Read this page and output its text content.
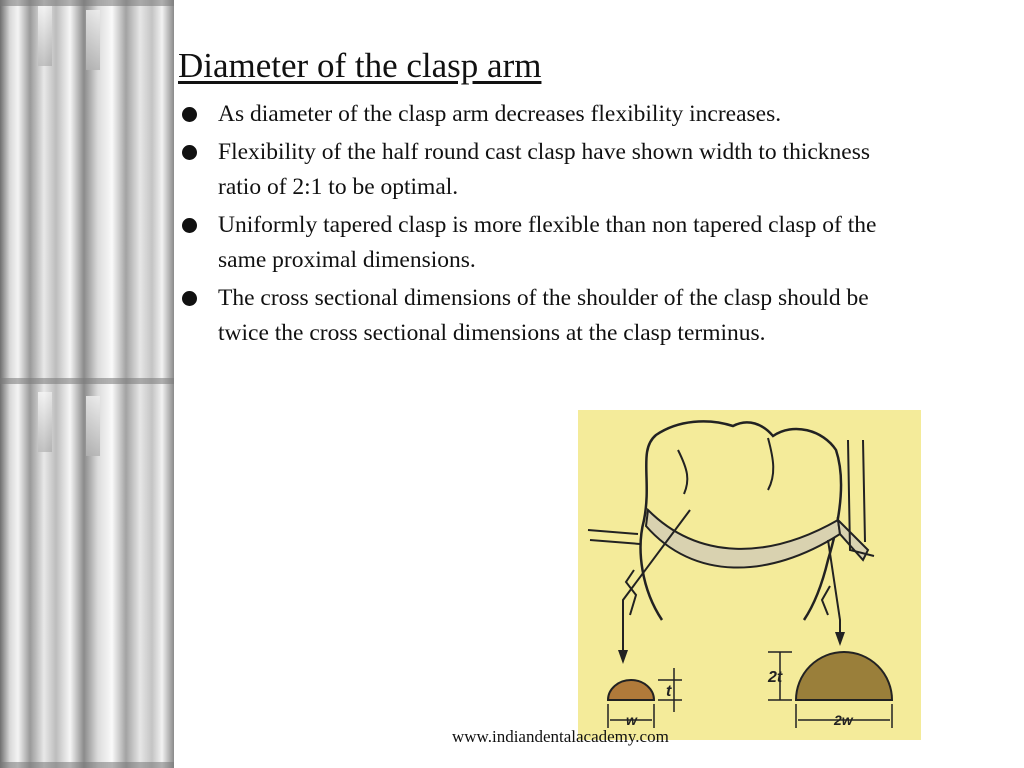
Diameter of the clasp arm
As diameter of the clasp arm decreases flexibility increases.
Flexibility of the half round cast clasp have shown width to thickness ratio of 2:1 to be optimal.
Uniformly tapered clasp is more flexible than non tapered clasp of the same proximal dimensions.
The cross sectional dimensions of the shoulder of the clasp should be twice the cross sectional dimensions at the clasp terminus.
t
w
2t
2w
www.indiandentalacademy.com
